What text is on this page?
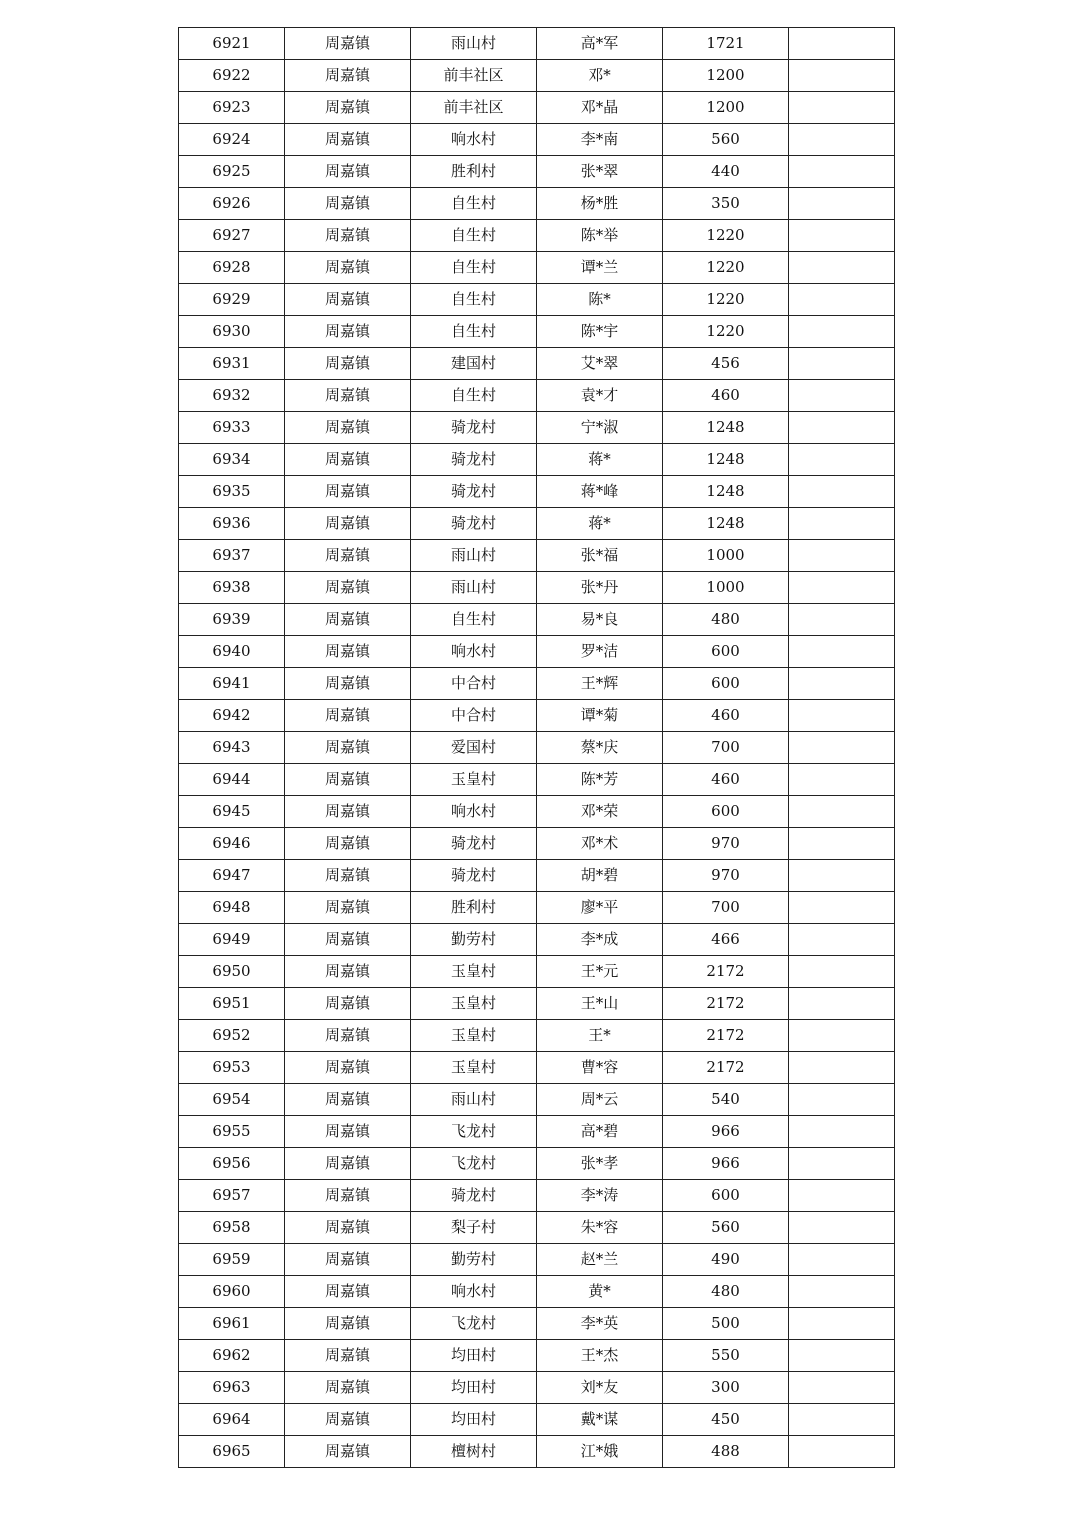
6921	周嘉镇	雨山村	高*军	1721	
6922	周嘉镇	前丰社区	邓*	1200	
6923	周嘉镇	前丰社区	邓*晶	1200	
6924	周嘉镇	响水村	李*南	560	
6925	周嘉镇	胜利村	张*翠	440	
6926	周嘉镇	自生村	杨*胜	350	
6927	周嘉镇	自生村	陈*举	1220	
6928	周嘉镇	自生村	谭*兰	1220	
6929	周嘉镇	自生村	陈*	1220	
6930	周嘉镇	自生村	陈*宇	1220	
6931	周嘉镇	建国村	艾*翠	456	
6932	周嘉镇	自生村	袁*才	460	
6933	周嘉镇	骑龙村	宁*淑	1248	
6934	周嘉镇	骑龙村	蒋*	1248	
6935	周嘉镇	骑龙村	蒋*峰	1248	
6936	周嘉镇	骑龙村	蒋*	1248	
6937	周嘉镇	雨山村	张*福	1000	
6938	周嘉镇	雨山村	张*丹	1000	
6939	周嘉镇	自生村	易*良	480	
6940	周嘉镇	响水村	罗*洁	600	
6941	周嘉镇	中合村	王*辉	600	
6942	周嘉镇	中合村	谭*菊	460	
6943	周嘉镇	爱国村	蔡*庆	700	
6944	周嘉镇	玉皇村	陈*芳	460	
6945	周嘉镇	响水村	邓*荣	600	
6946	周嘉镇	骑龙村	邓*术	970	
6947	周嘉镇	骑龙村	胡*碧	970	
6948	周嘉镇	胜利村	廖*平	700	
6949	周嘉镇	勤劳村	李*成	466	
6950	周嘉镇	玉皇村	王*元	2172	
6951	周嘉镇	玉皇村	王*山	2172	
6952	周嘉镇	玉皇村	王*	2172	
6953	周嘉镇	玉皇村	曹*容	2172	
6954	周嘉镇	雨山村	周*云	540	
6955	周嘉镇	飞龙村	高*碧	966	
6956	周嘉镇	飞龙村	张*孝	966	
6957	周嘉镇	骑龙村	李*涛	600	
6958	周嘉镇	梨子村	朱*容	560	
6959	周嘉镇	勤劳村	赵*兰	490	
6960	周嘉镇	响水村	黄*	480	
6961	周嘉镇	飞龙村	李*英	500	
6962	周嘉镇	均田村	王*杰	550	
6963	周嘉镇	均田村	刘*友	300	
6964	周嘉镇	均田村	戴*谋	450	
6965	周嘉镇	檀树村	江*娥	488	
